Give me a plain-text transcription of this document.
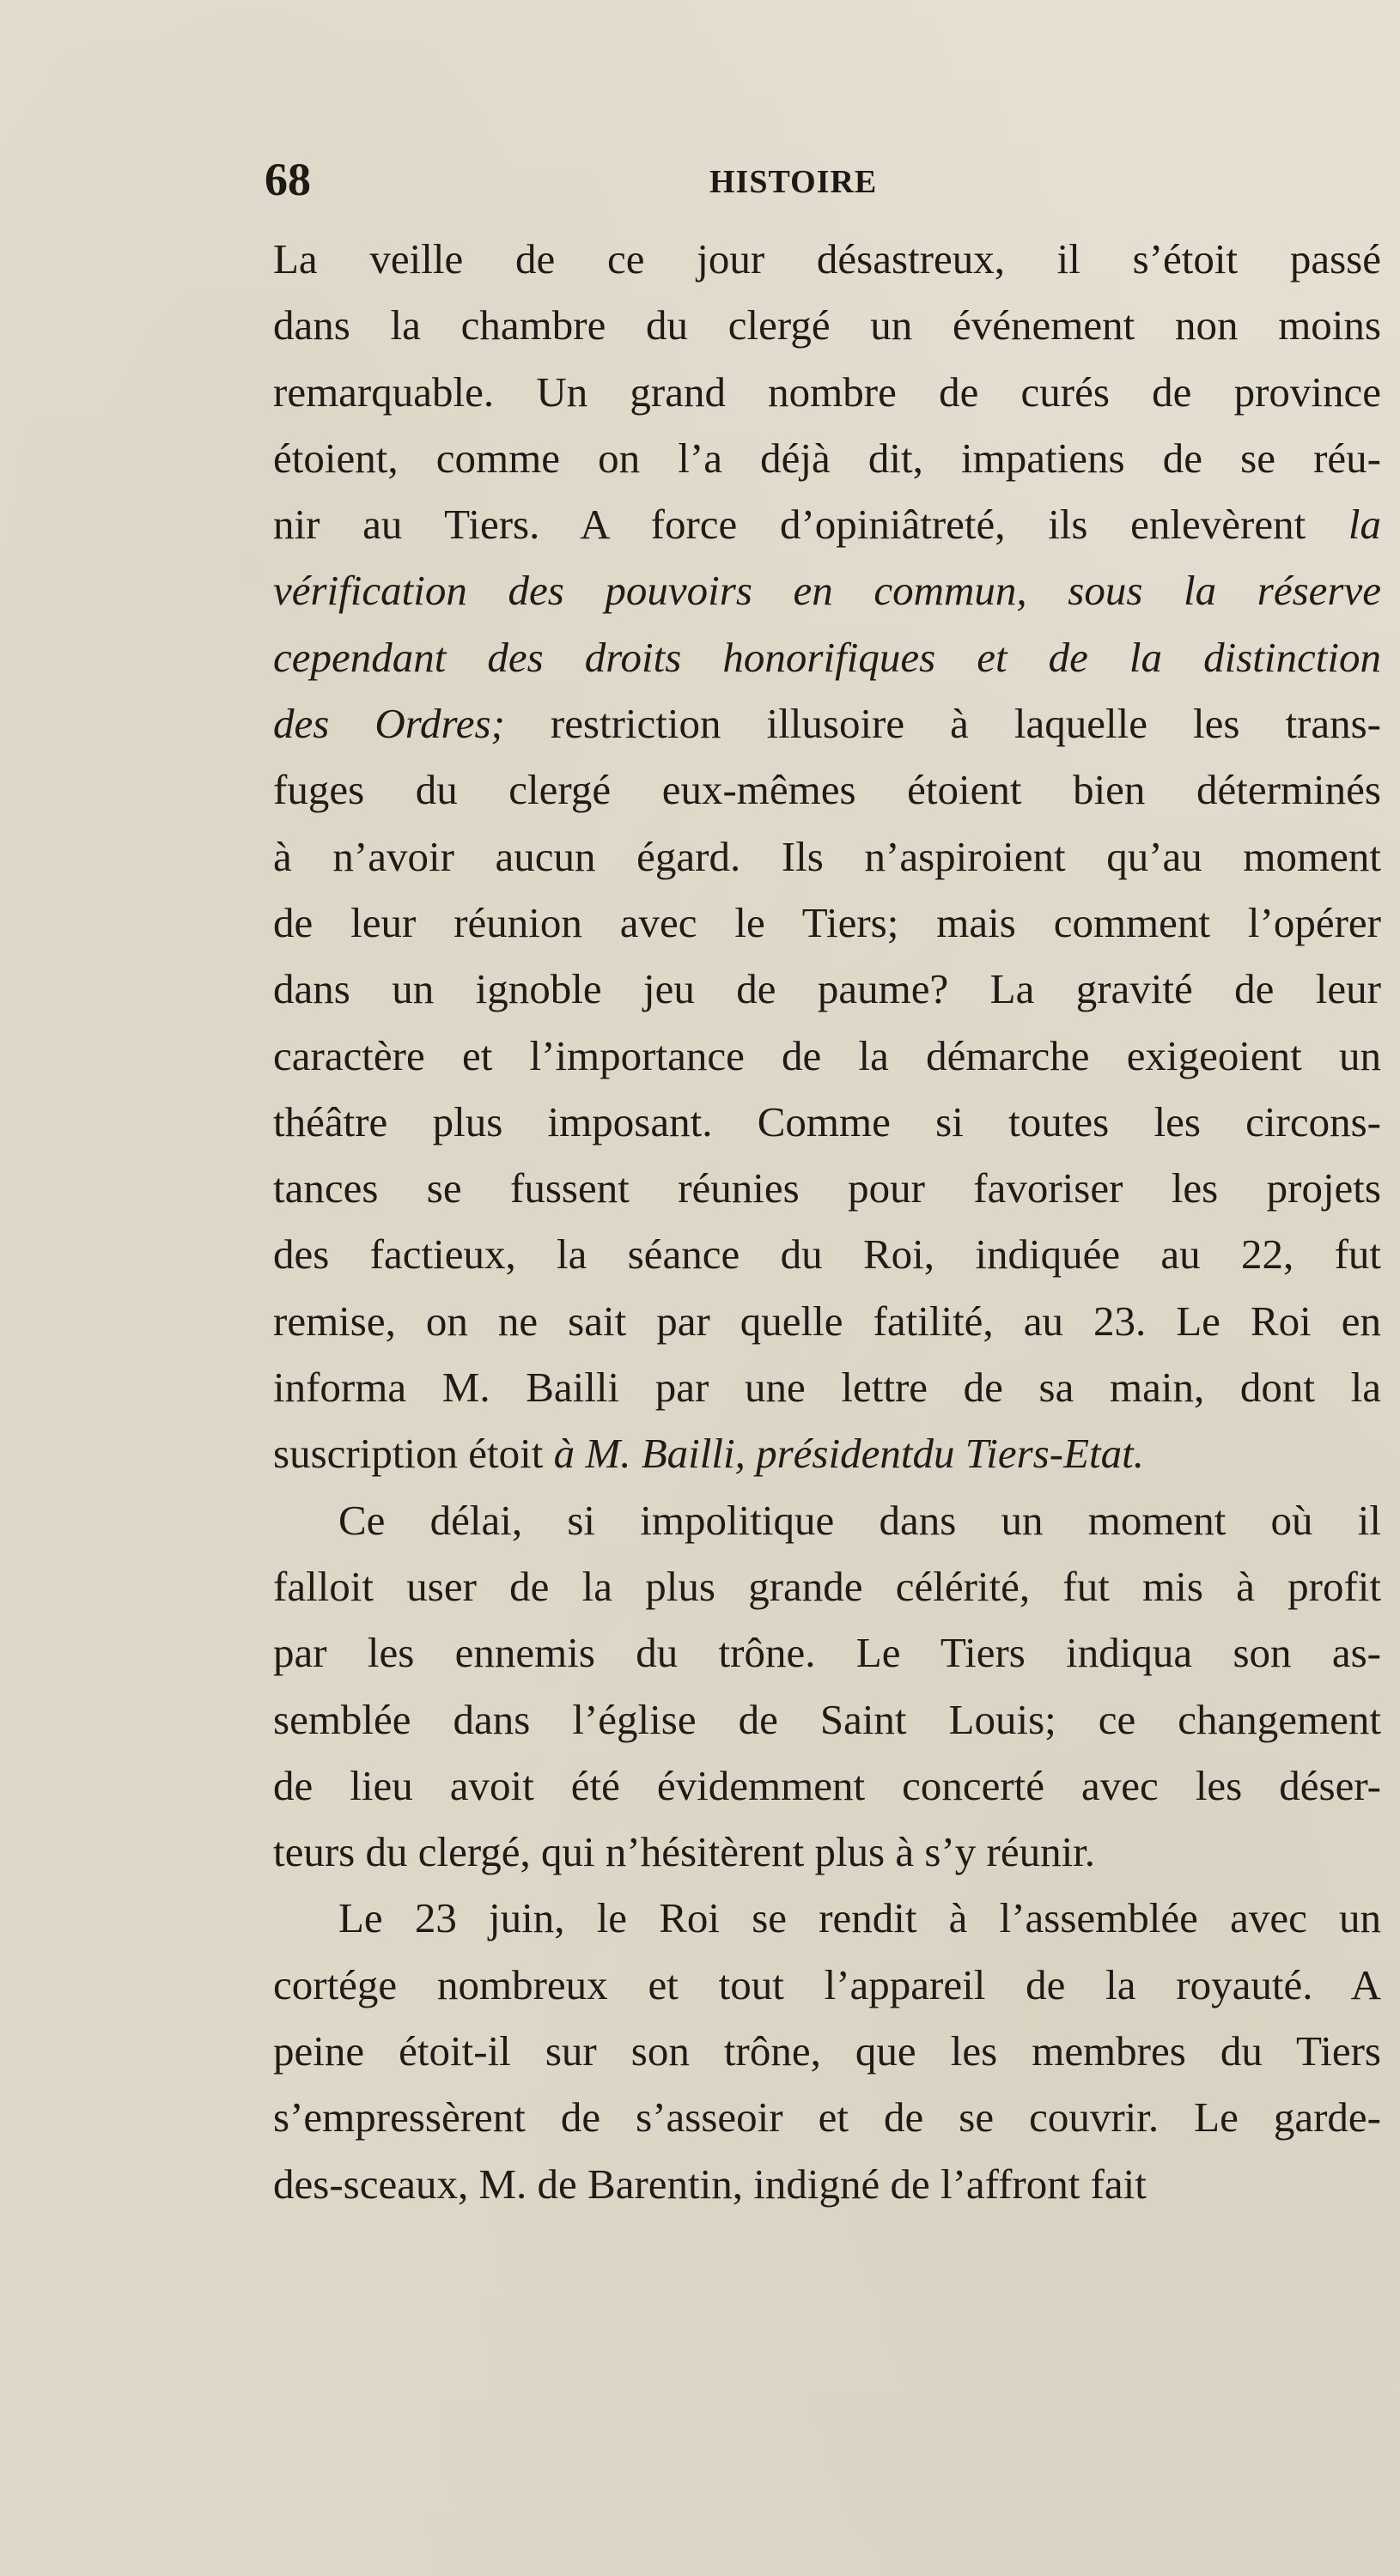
68	HISTOIRE
La veille de ce jour désastreux, il s’étoit passé
dans la chambre du clergé un événement non moins
remarquable. Un grand nombre de curés de province
étoient, comme on l’a déjà dit, impatiens de se réu-
nir au Tiers. A force d’opiniâtreté, ils enlevèrent la
vérification des pouvoirs en commun, sous la réserve
cependant des droits honorifiques et de la distinction
des Ordres; restriction illusoire à laquelle les trans-
fuges du clergé eux-mêmes étoient bien déterminés
à n’avoir aucun égard. Ils n’aspiroient qu’au moment
de leur réunion avec le Tiers; mais comment l’opérer
dans un ignoble jeu de paume? La gravité de leur
caractère et l’importance de la démarche exigeoient un
théâtre plus imposant. Comme si toutes les circons-
tances se fussent réunies pour favoriser les projets
des factieux, la séance du Roi, indiquée au 22, fut
remise, on ne sait par quelle fatilité, au 23. Le Roi en
informa M. Bailli par une lettre de sa main, dont la
suscription étoit à M. Bailli, présidentdu Tiers-Etat.
Ce délai, si impolitique dans un moment où il
falloit user de la plus grande célérité, fut mis à profit
par les ennemis du trône. Le Tiers indiqua son as-
semblée dans l’église de Saint Louis; ce changement
de lieu avoit été évidemment concerté avec les déser-
teurs du clergé, qui n’hésitèrent plus à s’y réunir.
Le 23 juin, le Roi se rendit à l’assemblée avec un
cortége nombreux et tout l’appareil de la royauté. A
peine étoit-il sur son trône, que les membres du Tiers
s’empressèrent de s’asseoir et de se couvrir. Le garde-
des-sceaux, M. de Barentin, indigné de l’affront fait
